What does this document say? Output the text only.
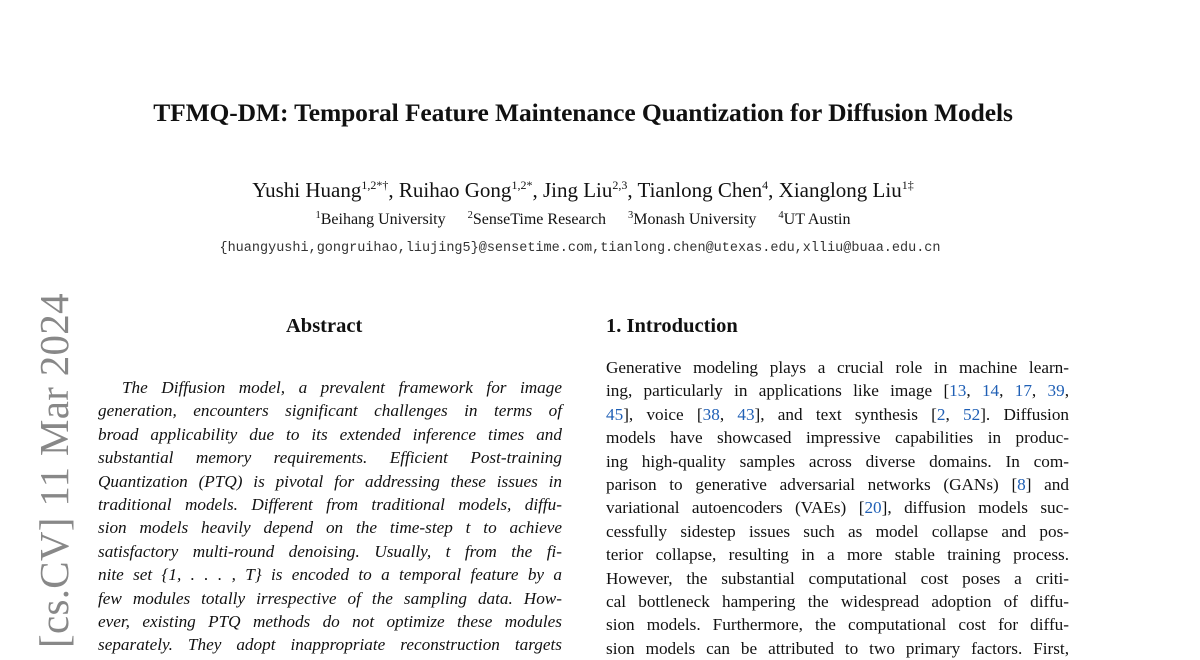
[cs.CV] 11 Mar 2024
TFMQ-DM: Temporal Feature Maintenance Quantization for Diffusion Models
Yushi Huang$^{1,2*\dagger}$, Ruihao Gong$^{1,2*}$, Jing Liu$^{2,3}$, Tianlong Chen$^4$, Xianglong Liu$^{1\ddagger}$
$^1$Beihang University $^2$SenseTime Research $^3$Monash University $^4$UT Austin
{huangyushi,gongruihao,liujing5}@sensetime.com,tianlong.chen@utexas.edu,xlliu@buaa.edu.cn
Abstract
The Diffusion model, a prevalent framework for image
generation, encounters significant challenges in terms of
broad applicability due to its extended inference times and
substantial memory requirements. Efficient Post-training
Quantization (PTQ) is pivotal for addressing these issues in
traditional models. Different from traditional models, diffu-
sion models heavily depend on the time-step t to achieve
satisfactory multi-round denoising. Usually, t from the fi-
nite set {1, . . . , T} is encoded to a temporal feature by a
few modules totally irrespective of the sampling data. How-
ever, existing PTQ methods do not optimize these modules
separately. They adopt inappropriate reconstruction targets
1. Introduction
Generative modeling plays a crucial role in machine learn-
ing, particularly in applications like image [13, 14, 17, 39,
45], voice [38, 43], and text synthesis [2, 52]. Diffusion
models have showcased impressive capabilities in produc-
ing high-quality samples across diverse domains. In com-
parison to generative adversarial networks (GANs) [8] and
variational autoencoders (VAEs) [20], diffusion models suc-
cessfully sidestep issues such as model collapse and pos-
terior collapse, resulting in a more stable training process.
However, the substantial computational cost poses a criti-
cal bottleneck hampering the widespread adoption of diffu-
sion models. Furthermore, the computational cost for diffu-
sion models can be attributed to two primary factors. First,
